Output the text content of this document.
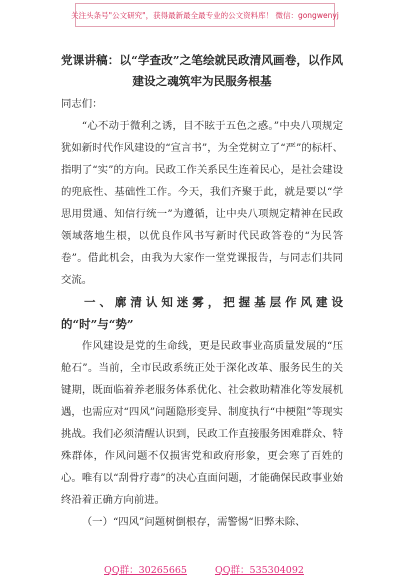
关注头条号"公文研究"，获得最新最全最专业的公文资料库！ 微信：gongwenyj

党课讲稿：以“学查改”之笔绘就民政清风画卷，以作风建设之魂筑牢为民服务根基

同志们：

“心不动于微利之诱，目不眩于五色之惑。”中央八项规定犹如新时代作风建设的“宣言书”，为全党树立了“严”的标杆、指明了“实”的方向。民政工作关系民生连着民心，是社会建设的兜底性、基础性工作。今天，我们齐聚于此，就是要以“学思用贯通、知信行统一”为遵循，让中央八项规定精神在民政领域落地生根，以优良作风书写新时代民政答卷的“为民答卷”。借此机会，由我为大家作一堂党课报告，与同志们共同交流。

一、廓清认知迷雾，把握基层作风建设的“时”与“势”

作风建设是党的生命线，更是民政事业高质量发展的“压舱石”。当前，全市民政系统正处于深化改革、服务民生的关键期，既面临着养老服务体系优化、社会救助精准化等发展机遇，也需应对“四风”问题隐形变异、制度执行“中梗阻”等现实挑战。我们必须清醒认识到，民政工作直接服务困难群众、特殊群体，作风问题不仅损害党和政府形象，更会寒了百姓的心。唯有以“刮骨疗毒”的决心直面问题，才能确保民政事业始终沿着正确方向前进。

（一）“四风”问题树倒根存，需警惕“旧弊未除、

QQ群：30265665	QQ群：535304092
